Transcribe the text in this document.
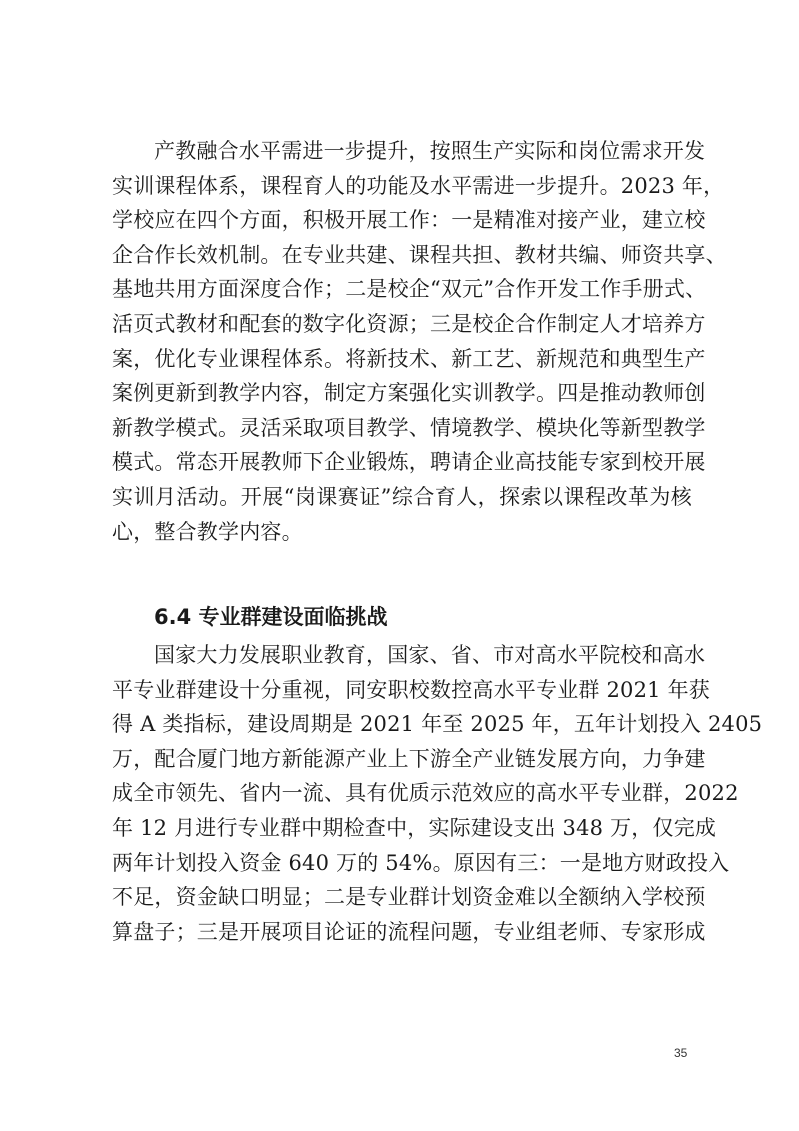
产教融合水平需进一步提升，按照生产实际和岗位需求开发
实训课程体系，课程育人的功能及水平需进一步提升。2023 年，
学校应在四个方面，积极开展工作：一是精准对接产业，建立校
企合作长效机制。在专业共建、课程共担、教材共编、师资共享、
基地共用方面深度合作；二是校企“双元”合作开发工作手册式、
活页式教材和配套的数字化资源；三是校企合作制定人才培养方
案，优化专业课程体系。将新技术、新工艺、新规范和典型生产
案例更新到教学内容，制定方案强化实训教学。四是推动教师创
新教学模式。灵活采取项目教学、情境教学、模块化等新型教学
模式。常态开展教师下企业锻炼，聘请企业高技能专家到校开展
实训月活动。开展“岗课赛证”综合育人，探索以课程改革为核
心，整合教学内容。
6.4 专业群建设面临挑战
国家大力发展职业教育，国家、省、市对高水平院校和高水
平专业群建设十分重视，同安职校数控高水平专业群 2021 年获
得 A 类指标，建设周期是 2021 年至 2025 年，五年计划投入 2405
万，配合厦门地方新能源产业上下游全产业链发展方向，力争建
成全市领先、省内一流、具有优质示范效应的高水平专业群，2022
年 12 月进行专业群中期检查中，实际建设支出 348 万，仅完成
两年计划投入资金 640 万的 54%。原因有三：一是地方财政投入
不足，资金缺口明显；二是专业群计划资金难以全额纳入学校预
算盘子；三是开展项目论证的流程问题，专业组老师、专家形成
35
